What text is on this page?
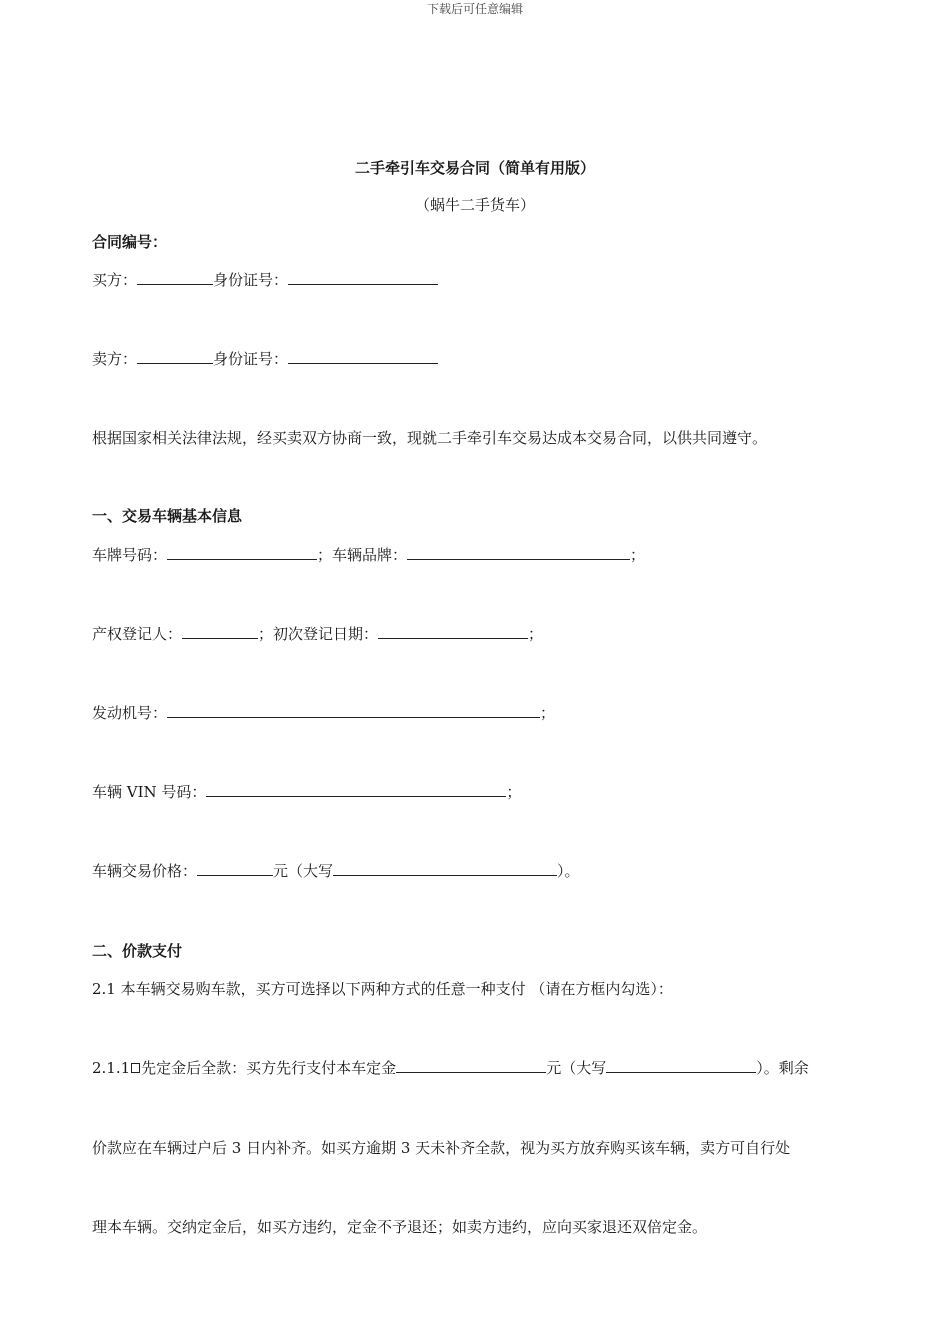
下载后可任意编辑
二手牵引车交易合同（简单有用版）
（蜗牛二手货车）
合同编号：
买方：	身份证号：
卖方：	身份证号：
根据国家相关法律法规，经买卖双方协商一致，现就二手牵引车交易达成本交易合同，以供共同遵守。
一、交易车辆基本信息
车牌号码：	；车辆品牌：	；
产权登记人：	；初次登记日期：	；
发动机号：	；
车辆 VIN 号码：	；
车辆交易价格：	元（大写	）。
二、价款支付
2.1 本车辆交易购车款，买方可选择以下两种方式的任意一种支付 （请在方框内勾选）：
2.1.1 先定金后全款：买方先行支付本车定金	元（大写	）。剩余
价款应在车辆过户后 3 日内补齐。如买方逾期 3 天未补齐全款，视为买方放弃购买该车辆，卖方可自行处
理本车辆。交纳定金后，如买方违约，定金不予退还；如卖方违约，应向买家退还双倍定金。
